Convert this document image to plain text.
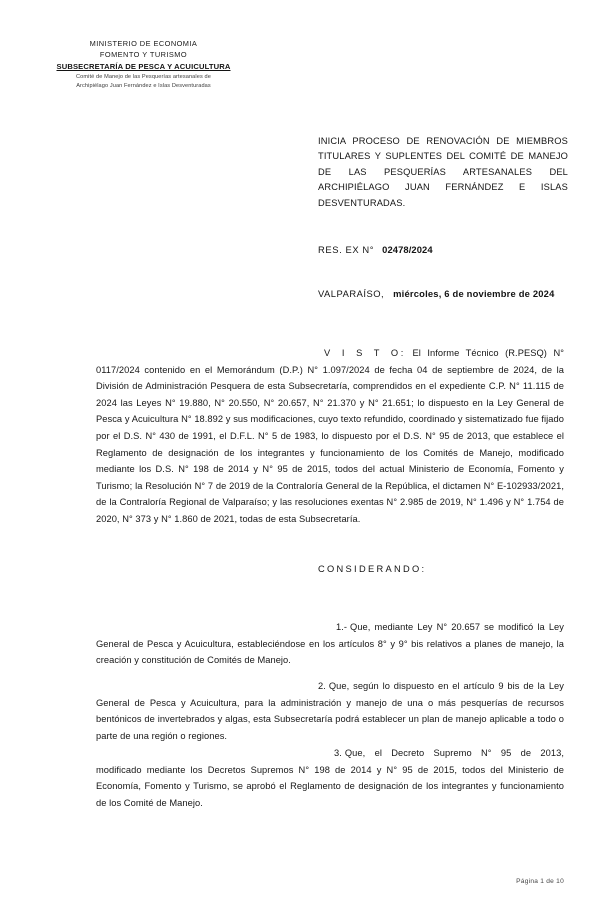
MINISTERIO DE ECONOMIA
FOMENTO Y TURISMO
SUBSECRETARÍA DE PESCA Y ACUICULTURA
Comité de Manejo de las Pesquerías artesanales de
Archipiélago Juan Fernández e Islas Desventuradas
INICIA PROCESO DE RENOVACIÓN DE MIEMBROS TITULARES Y SUPLENTES DEL COMITÉ DE MANEJO DE LAS PESQUERÍAS ARTESANALES DEL ARCHIPIÉLAGO JUAN FERNÁNDEZ E ISLAS DESVENTURADAS.
RES. EX N° 02478/2024
VALPARAÍSO, miércoles, 6 de noviembre de 2024

V I S T O: El Informe Técnico (R.PESQ) N° 0117/2024 contenido en el Memorándum (D.P.) N° 1.097/2024 de fecha 04 de septiembre de 2024, de la División de Administración Pesquera de esta Subsecretaría, comprendidos en el expediente C.P. N° 11.115 de 2024 las Leyes N° 19.880, N° 20.550, N° 20.657, N° 21.370 y N° 21.651; lo dispuesto en la Ley General de Pesca y Acuicultura N° 18.892 y sus modificaciones, cuyo texto refundido, coordinado y sistematizado fue fijado por el D.S. N° 430 de 1991, el D.F.L. N° 5 de 1983, lo dispuesto por el D.S. N° 95 de 2013, que establece el Reglamento de designación de los integrantes y funcionamiento de los Comités de Manejo, modificado mediante los D.S. N° 198 de 2014 y N° 95 de 2015, todos del actual Ministerio de Economía, Fomento y Turismo; la Resolución N° 7 de 2019 de la Contraloría General de la República, el dictamen N° E-102933/2021, de la Contraloría Regional de Valparaíso; y las resoluciones exentas N° 2.985 de 2019, N° 1.496 y N° 1.754 de 2020, N° 373 y N° 1.860 de 2021, todas de esta Subsecretaría.

CONSIDERANDO:

1.- Que, mediante Ley N° 20.657 se modificó la Ley General de Pesca y Acuicultura, estableciéndose en los artículos 8° y 9° bis relativos a planes de manejo, la creación y constitución de Comités de Manejo.

2. Que, según lo dispuesto en el artículo 9 bis de la Ley General de Pesca y Acuicultura, para la administración y manejo de una o más pesquerías de recursos bentónicos de invertebrados y algas, esta Subsecretaría podrá establecer un plan de manejo aplicable a todo o parte de una región o regiones.

3. Que, el Decreto Supremo N° 95 de 2013, modificado mediante los Decretos Supremos N° 198 de 2014 y N° 95 de 2015, todos del Ministerio de Economía, Fomento y Turismo, se aprobó el Reglamento de designación de los integrantes y funcionamiento de los Comité de Manejo.

Página 1 de 10
